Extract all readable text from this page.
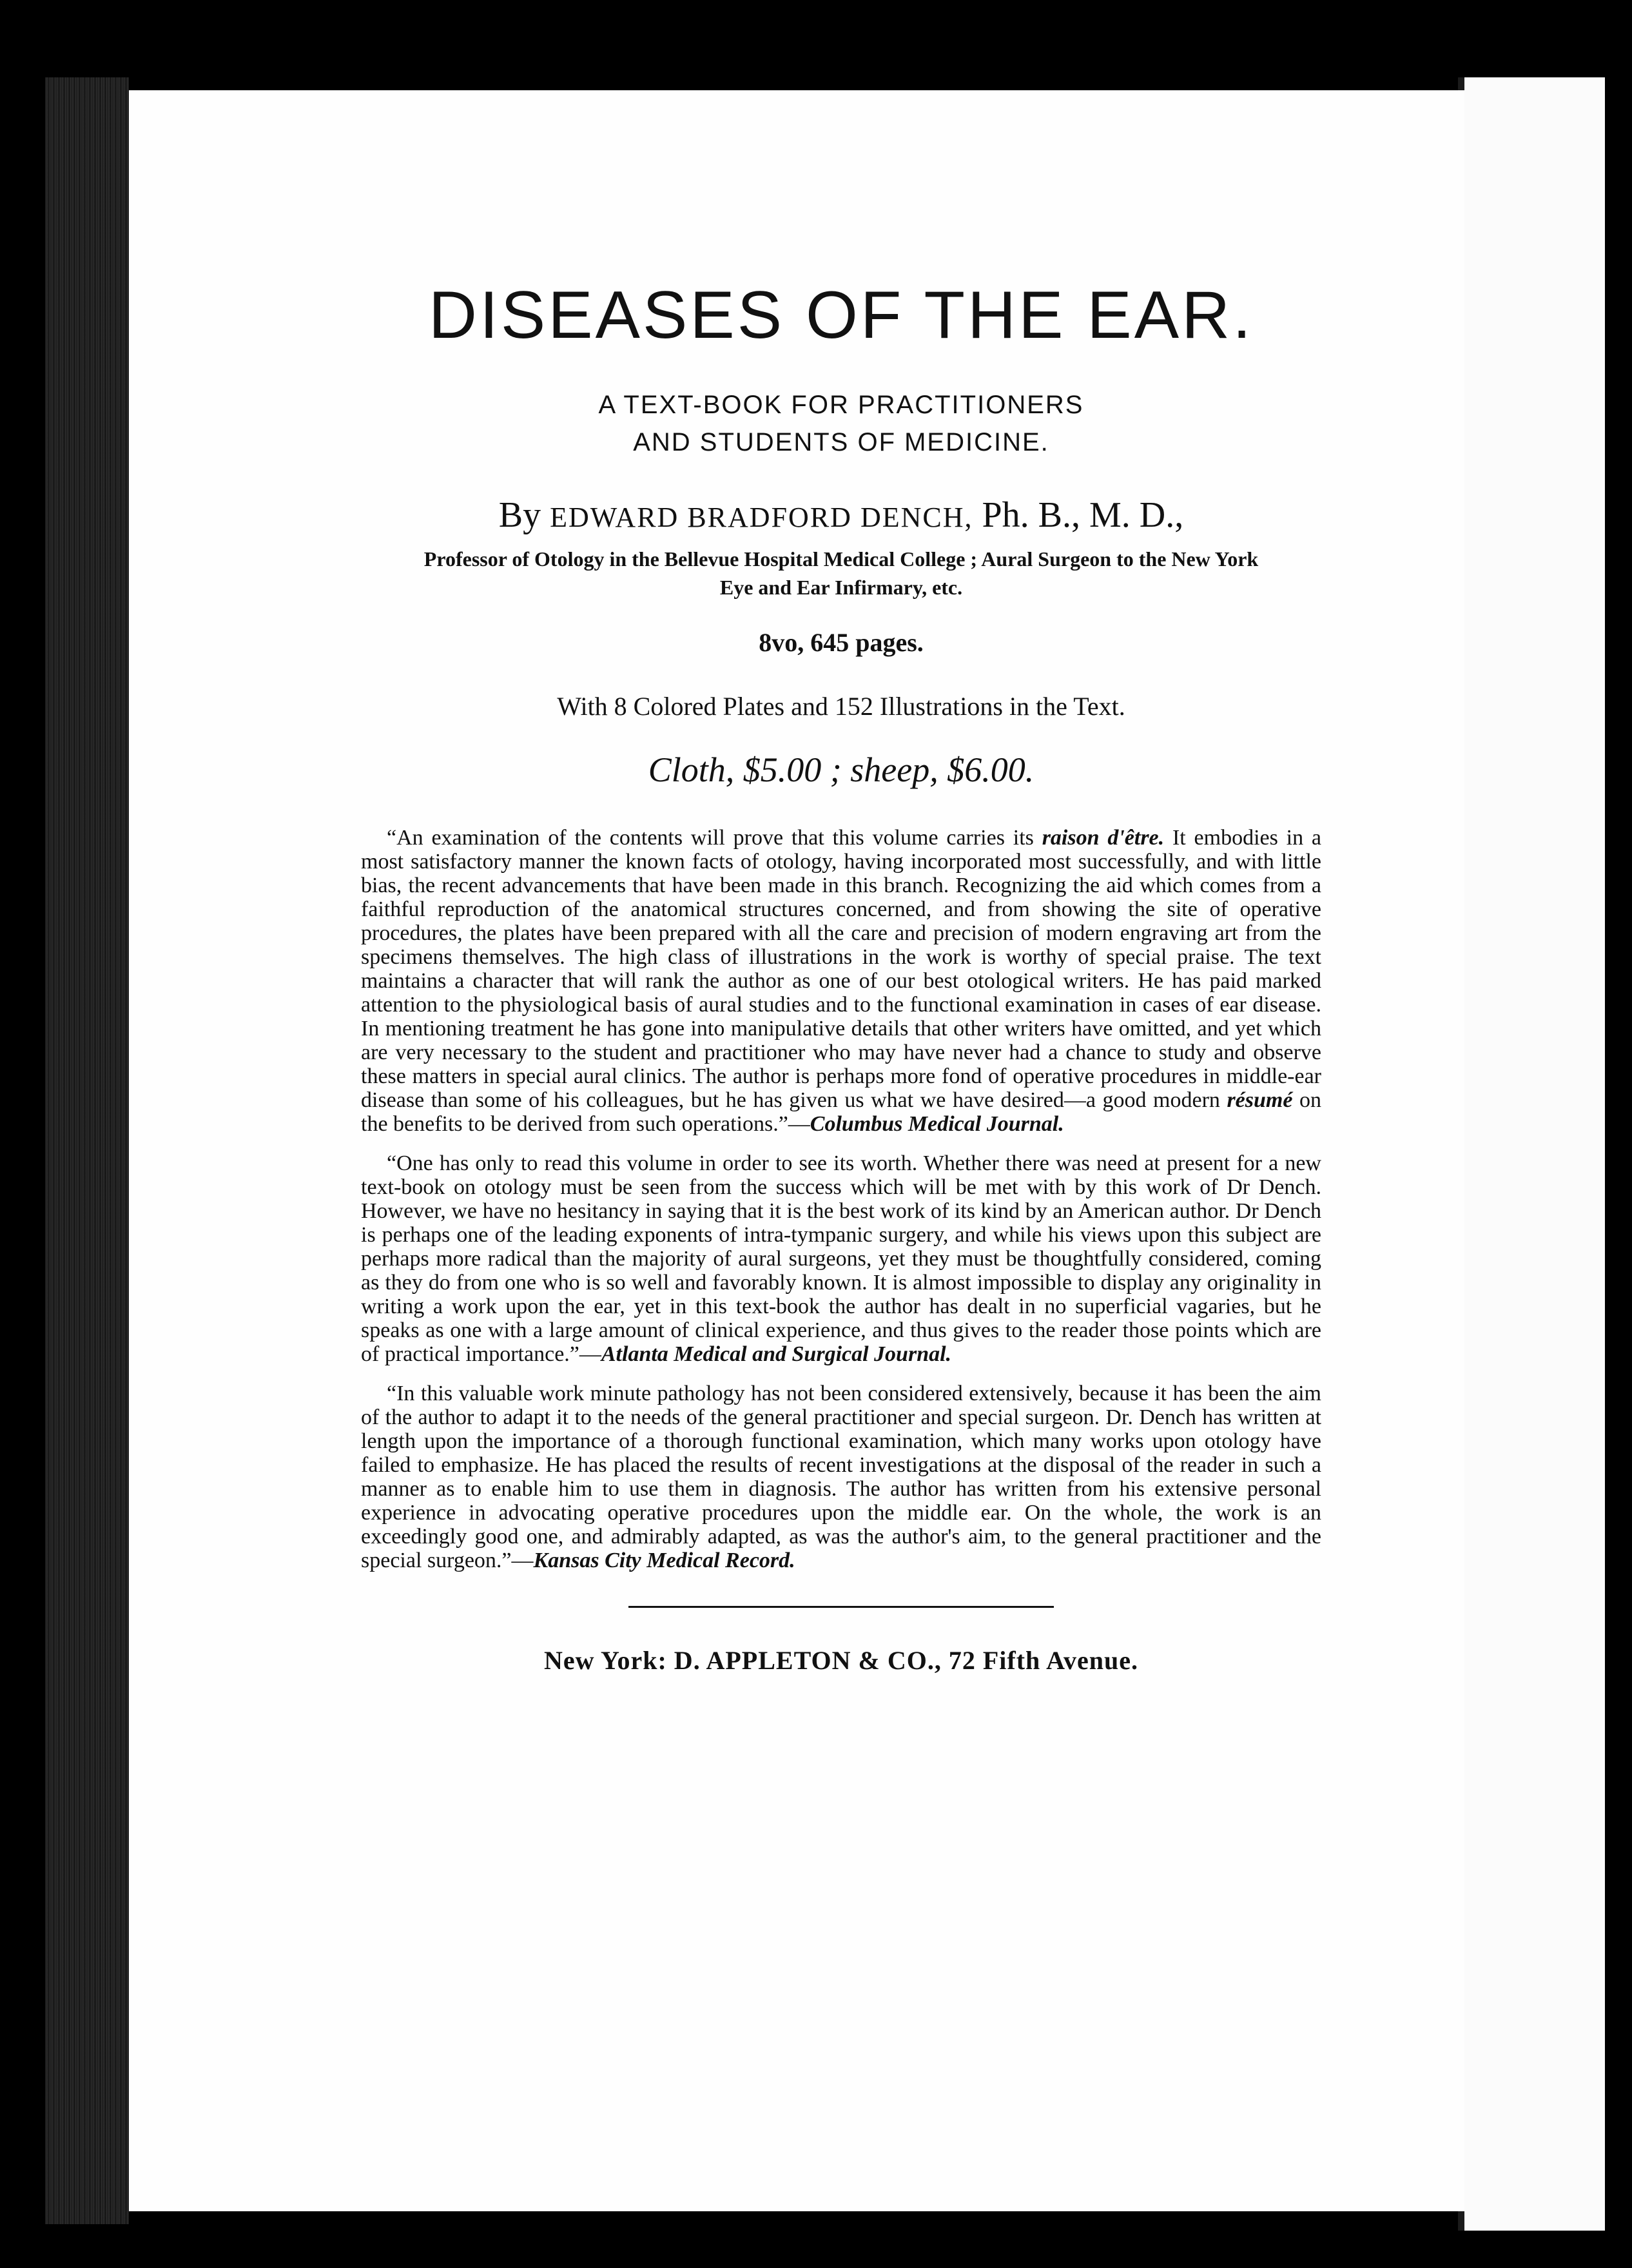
DISEASES OF THE EAR.
A TEXT-BOOK FOR PRACTITIONERS
AND STUDENTS OF MEDICINE.
By EDWARD BRADFORD DENCH, Ph. B., M. D.,
Professor of Otology in the Bellevue Hospital Medical College ; Aural Surgeon to the New York
Eye and Ear Infirmary, etc.
8vo, 645 pages.
With 8 Colored Plates and 152 Illustrations in the Text.
Cloth, $5.00 ; sheep, $6.00.

“An examination of the contents will prove that this volume carries its raison d'être. It embodies in a most satisfactory manner the known facts of otology, having incorporated most successfully, and with little bias, the recent advancements that have been made in this branch. Recognizing the aid which comes from a faithful reproduction of the anatomical structures concerned, and from showing the site of operative procedures, the plates have been prepared with all the care and precision of modern engraving art from the specimens themselves. The high class of illustrations in the work is worthy of special praise. The text maintains a character that will rank the author as one of our best otological writers. He has paid marked attention to the physiological basis of aural studies and to the functional examination in cases of ear disease. In mentioning treatment he has gone into manipulative details that other writers have omitted, and yet which are very necessary to the student and practitioner who may have never had a chance to study and observe these matters in special aural clinics. The author is perhaps more fond of operative procedures in middle-ear disease than some of his colleagues, but he has given us what we have desired—a good modern résumé on the benefits to be derived from such operations.”—Columbus Medical Journal.

“One has only to read this volume in order to see its worth. Whether there was need at present for a new text-book on otology must be seen from the success which will be met with by this work of Dr Dench. However, we have no hesitancy in saying that it is the best work of its kind by an American author. Dr Dench is perhaps one of the leading exponents of intra-tympanic surgery, and while his views upon this subject are perhaps more radical than the majority of aural surgeons, yet they must be thoughtfully considered, coming as they do from one who is so well and favorably known. It is almost impossible to display any originality in writing a work upon the ear, yet in this text-book the author has dealt in no superficial vagaries, but he speaks as one with a large amount of clinical experience, and thus gives to the reader those points which are of practical importance.”—Atlanta Medical and Surgical Journal.

“In this valuable work minute pathology has not been considered extensively, because it has been the aim of the author to adapt it to the needs of the general practitioner and special surgeon. Dr. Dench has written at length upon the importance of a thorough functional examination, which many works upon otology have failed to emphasize. He has placed the results of recent investigations at the disposal of the reader in such a manner as to enable him to use them in diagnosis. The author has written from his extensive personal experience in advocating operative procedures upon the middle ear. On the whole, the work is an exceedingly good one, and admirably adapted, as was the author's aim, to the general practitioner and the special surgeon.”—Kansas City Medical Record.

New York: D. APPLETON & CO., 72 Fifth Avenue.
